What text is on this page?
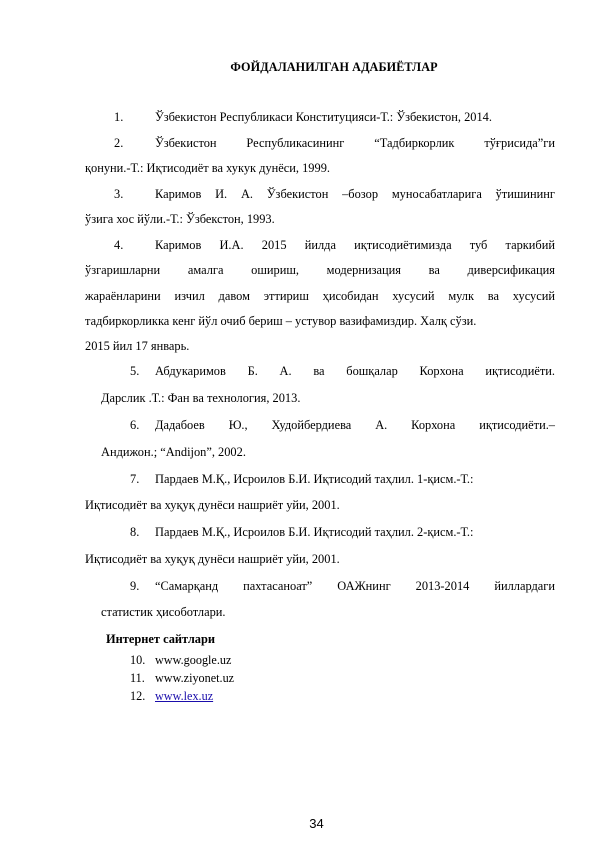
ФОЙДАЛАНИЛГАН АДАБИЁТЛАР
1.	Ўзбекистон Республикаси Конституцияси-Т.: Ўзбекистон, 2014.
2.	Ўзбекистон Республикасининг “Тадбиркорлик тўғрисида”ги
қонуни.-Т.: Иқтисодиёт ва хукук дунёси, 1999.
3.	Каримов И. А. Ўзбекистон –бозор муносабатларига ўтишининг
ўзига хос йўли.-Т.: Ўзбекстон, 1993.
4.	Каримов И.А. 2015 йилда иқтисодиётимизда туб таркибий
ўзгаришларни амалга ошириш, модернизация ва диверсификация
жараёнларини изчил давом эттириш ҳисобидан хусусий мулк ва хусусий
тадбиркорликка кенг йўл очиб бериш – устувор вазифамиздир. Халқ сўзи.
2015 йил 17 январь.
5. Абдукаримов Б. А. ва бошқалар Корхона иқтисодиёти.
Дарслик .Т.: Фан ва технология, 2013.
6. Дадабоев Ю., Худойбердиева А. Корхона иқтисодиёти.–
Андижон.; “Andijon”, 2002.
7. Пардаев М.Қ., Исроилов Б.И. Иқтисодий таҳлил. 1-қисм.-Т.:
Иқтисодиёт ва хуқуқ дунёси нашриёт уйи, 2001.
8. Пардаев М.Қ., Исроилов Б.И. Иқтисодий таҳлил. 2-қисм.-Т.:
Иқтисодиёт ва хуқуқ дунёси нашриёт уйи, 2001.
9. “Самарқанд пахтасаноат” ОАЖнинг 2013-2014 йиллардаги
статистик ҳисоботлари.
Интернет сайтлари
10. www.google.uz
11. www.ziyonet.uz
12. www.lex.uz
34
